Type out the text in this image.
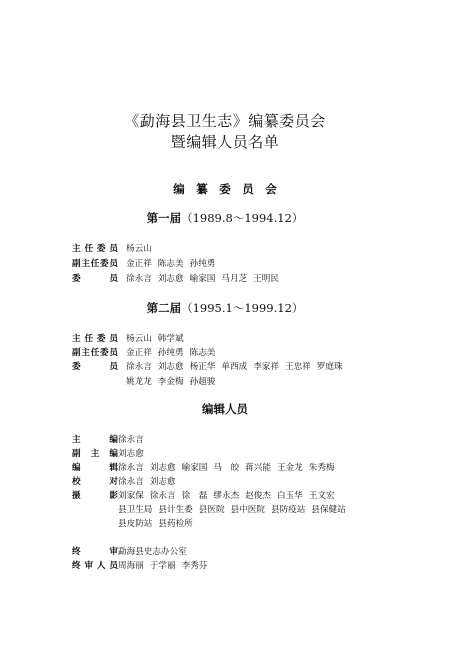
《勐海县卫生志》编纂委员会
暨编辑人员名单
编　纂　委　员　会
第一届（1989.8～1994.12）
主任委员 杨云山
副主任委员 金正祥 陈志美 孙纯勇
委员 徐永言 刘志愈 喻家国 马月芝 王明民
第二届（1995.1～1999.12）
主任委员 杨云山 韩学斌
副主任委员 金正祥 孙纯勇 陈志美
委员 徐永言 刘志愈 杨正华 单西成 李家祥 王忠祥 罗庭珠
姚龙龙 李金梅 孙超骏
编辑人员
主编 徐永言
副主编 刘志愈
编辑 徐永言 刘志愈 喻家国 马　皎 蒋兴能 王金龙 朱秀梅
校对 徐永言 刘志愈
摄影 刘家保 徐永言 徐　磊 缪永杰 赵俊杰 白玉华 王文宏
县卫生局 县计生委 县医院 县中医院 县防疫站 县保健站
县皮防站 县药检所
终审 勐海县史志办公室
终审人员 周海丽 于学丽 李秀芬
